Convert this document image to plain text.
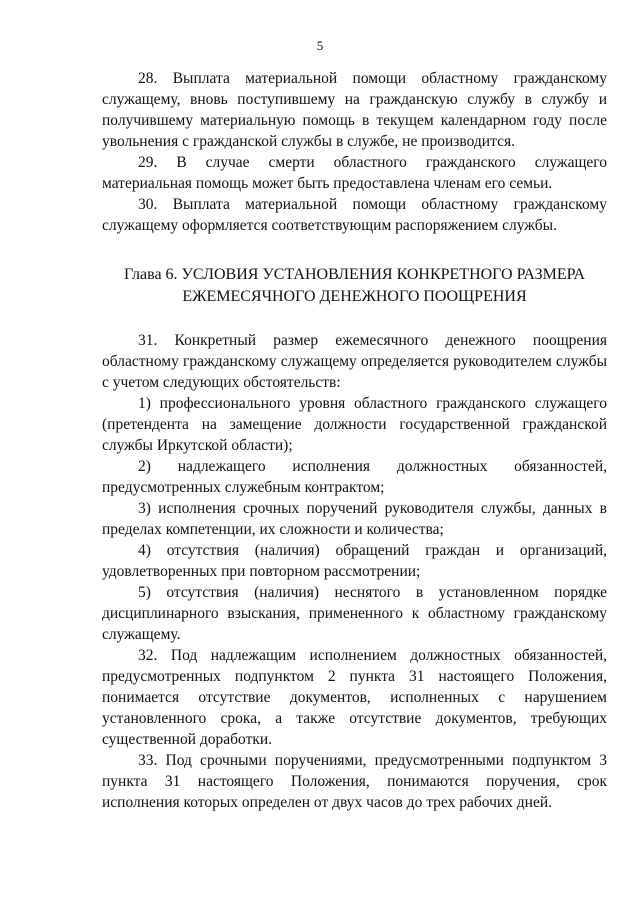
5

28. Выплата материальной помощи областному гражданскому служащему, вновь поступившему на гражданскую службу в службу и получившему материальную помощь в текущем календарном году после увольнения с гражданской службы в службе, не производится.

29. В случае смерти областного гражданского служащего материальная помощь может быть предоставлена членам его семьи.

30. Выплата материальной помощи областному гражданскому служащему оформляется соответствующим распоряжением службы.

Глава 6. УСЛОВИЯ УСТАНОВЛЕНИЯ КОНКРЕТНОГО РАЗМЕРА
ЕЖЕМЕСЯЧНОГО ДЕНЕЖНОГО ПООЩРЕНИЯ

31. Конкретный размер ежемесячного денежного поощрения областному гражданскому служащему определяется руководителем службы с учетом следующих обстоятельств:

1) профессионального уровня областного гражданского служащего (претендента на замещение должности государственной гражданской службы Иркутской области);

2) надлежащего исполнения должностных обязанностей, предусмотренных служебным контрактом;

3) исполнения срочных поручений руководителя службы, данных в пределах компетенции, их сложности и количества;

4) отсутствия (наличия) обращений граждан и организаций, удовлетворенных при повторном рассмотрении;

5) отсутствия (наличия) неснятого в установленном порядке дисциплинарного взыскания, примененного к областному гражданскому служащему.

32. Под надлежащим исполнением должностных обязанностей, предусмотренных подпунктом 2 пункта 31 настоящего Положения, понимается отсутствие документов, исполненных с нарушением установленного срока, а также отсутствие документов, требующих существенной доработки.

33. Под срочными поручениями, предусмотренными подпунктом 3 пункта 31 настоящего Положения, понимаются поручения, срок исполнения которых определен от двух часов до трех рабочих дней.
